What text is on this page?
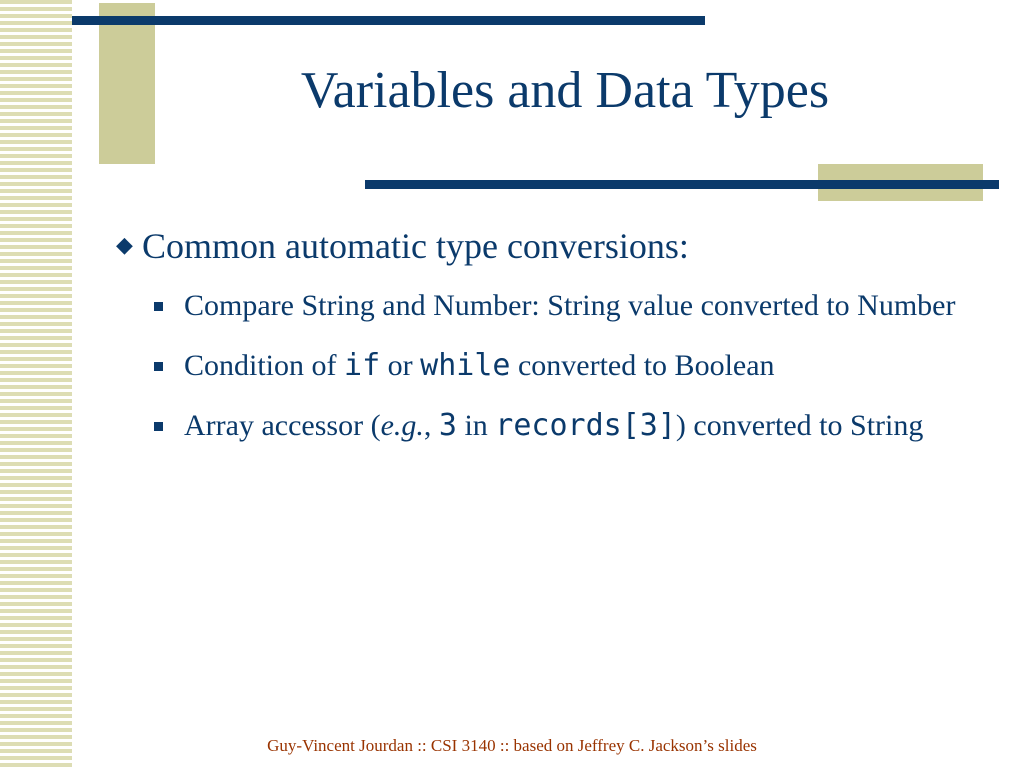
Variables and Data Types
◆ Common automatic type conversions:
Compare String and Number: String value converted to Number
Condition of if or while converted to Boolean
Array accessor (e.g., 3 in records[3]) converted to String
Guy-Vincent Jourdan :: CSI 3140 :: based on Jeffrey C. Jackson’s slides
